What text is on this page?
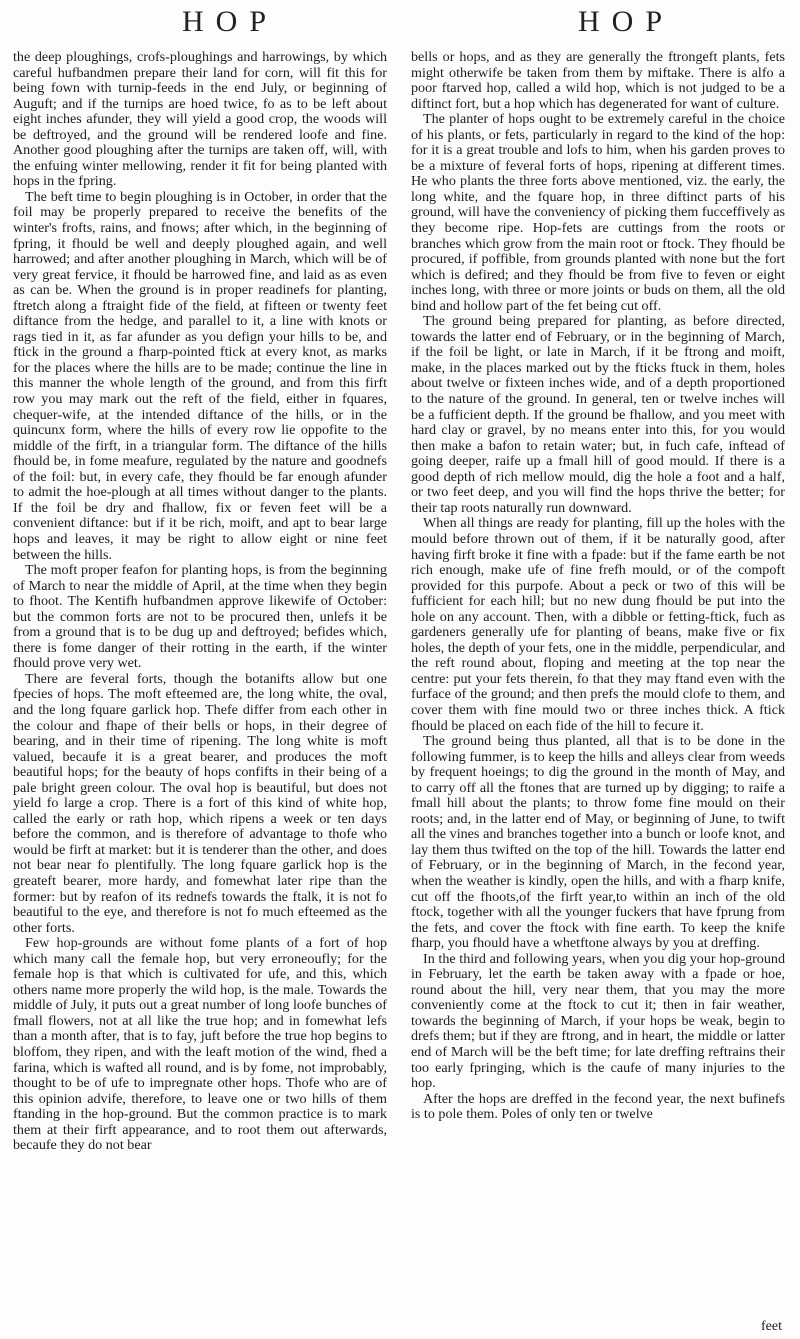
HOP	HOP

the deep ploughings, crofs-ploughings and harrowings, by which careful hufbandmen prepare their land for corn, will fit this for being fown with turnip-feeds in the end July, or beginning of Auguft; and if the turnips are hoed twice, fo as to be left about eight inches afunder, they will yield a good crop, the woods will be deftroyed, and the ground will be rendered loofe and fine. Another good ploughing after the turnips are taken off, will, with the enfuing winter mellowing, render it fit for being planted with hops in the fpring.

The beft time to begin ploughing is in October, in order that the foil may be properly prepared to receive the benefits of the winter's frofts, rains, and fnows; after which, in the beginning of fpring, it fhould be well and deeply ploughed again, and well harrowed; and after another ploughing in March, which will be of very great fervice, it fhould be harrowed fine, and laid as as even as can be. When the ground is in proper readinefs for planting, ftretch along a ftraight fide of the field, at fifteen or twenty feet diftance from the hedge, and parallel to it, a line with knots or rags tied in it, as far afunder as you defign your hills to be, and ftick in the ground a fharp-pointed ftick at every knot, as marks for the places where the hills are to be made; continue the line in this manner the whole length of the ground, and from this firft row you may mark out the reft of the field, either in fquares, chequer-wife, at the intended diftance of the hills, or in the quincunx form, where the hills of every row lie oppofite to the middle of the firft, in a triangular form. The diftance of the hills fhould be, in fome meafure, regulated by the nature and goodnefs of the foil: but, in every cafe, they fhould be far enough afunder to admit the hoe-plough at all times without danger to the plants. If the foil be dry and fhallow, fix or feven feet will be a convenient diftance: but if it be rich, moift, and apt to bear large hops and leaves, it may be right to allow eight or nine feet between the hills.

The moft proper feafon for planting hops, is from the beginning of March to near the middle of April, at the time when they begin to fhoot. The Kentifh hufbandmen approve likewife of October: but the common forts are not to be procured then, unlefs it be from a ground that is to be dug up and deftroyed; befides which, there is fome danger of their rotting in the earth, if the winter fhould prove very wet.

There are feveral forts, though the botanifts allow but one fpecies of hops. The moft efteemed are, the long white, the oval, and the long fquare garlick hop. Thefe differ from each other in the colour and fhape of their bells or hops, in their degree of bearing, and in their time of ripening. The long white is moft valued, becaufe it is a great bearer, and produces the moft beautiful hops; for the beauty of hops confifts in their being of a pale bright green colour. The oval hop is beautiful, but does not yield fo large a crop. There is a fort of this kind of white hop, called the early or rath hop, which ripens a week or ten days before the common, and is therefore of advantage to thofe who would be firft at market: but it is tenderer than the other, and does not bear near fo plentifully. The long fquare garlick hop is the greateft bearer, more hardy, and fomewhat later ripe than the former: but by reafon of its rednefs towards the ftalk, it is not fo beautiful to the eye, and therefore is not fo much efteemed as the other forts.

Few hop-grounds are without fome plants of a fort of hop which many call the female hop, but very erroneoufly; for the female hop is that which is cultivated for ufe, and this, which others name more properly the wild hop, is the male. Towards the middle of July, it puts out a great number of long loofe bunches of fmall flowers, not at all like the true hop; and in fomewhat lefs than a month after, that is to fay, juft before the true hop begins to bloffom, they ripen, and with the leaft motion of the wind, fhed a farina, which is wafted all round, and is by fome, not improbably, thought to be of ufe to impregnate other hops. Thofe who are of this opinion advife, therefore, to leave one or two hills of them ftanding in the hop-ground. But the common practice is to mark them at their firft appearance, and to root them out afterwards, becaufe they do not bear

bells or hops, and as they are generally the ftrongeft plants, fets might otherwife be taken from them by miftake. There is alfo a poor ftarved hop, called a wild hop, which is not judged to be a diftinct fort, but a hop which has degenerated for want of culture.

The planter of hops ought to be extremely careful in the choice of his plants, or fets, particularly in regard to the kind of the hop: for it is a great trouble and lofs to him, when his garden proves to be a mixture of feveral forts of hops, ripening at different times. He who plants the three forts above mentioned, viz. the early, the long white, and the fquare hop, in three diftinct parts of his ground, will have the conveniency of picking them fucceffively as they become ripe. Hop-fets are cuttings from the roots or branches which grow from the main root or ftock. They fhould be procured, if poffible, from grounds planted with none but the fort which is defired; and they fhould be from five to feven or eight inches long, with three or more joints or buds on them, all the old bind and hollow part of the fet being cut off.

The ground being prepared for planting, as before directed, towards the latter end of February, or in the beginning of March, if the foil be light, or late in March, if it be ftrong and moift, make, in the places marked out by the fticks ftuck in them, holes about twelve or fixteen inches wide, and of a depth proportioned to the nature of the ground. In general, ten or twelve inches will be a fufficient depth. If the ground be fhallow, and you meet with hard clay or gravel, by no means enter into this, for you would then make a bafon to retain water; but, in fuch cafe, inftead of going deeper, raife up a fmall hill of good mould. If there is a good depth of rich mellow mould, dig the hole a foot and a half, or two feet deep, and you will find the hops thrive the better; for their tap roots naturally run downward.

When all things are ready for planting, fill up the holes with the mould before thrown out of them, if it be naturally good, after having firft broke it fine with a fpade: but if the fame earth be not rich enough, make ufe of fine frefh mould, or of the compoft provided for this purpofe. About a peck or two of this will be fufficient for each hill; but no new dung fhould be put into the hole on any account. Then, with a dibble or fetting-ftick, fuch as gardeners generally ufe for planting of beans, make five or fix holes, the depth of your fets, one in the middle, perpendicular, and the reft round about, floping and meeting at the top near the centre: put your fets therein, fo that they may ftand even with the furface of the ground; and then prefs the mould clofe to them, and cover them with fine mould two or three inches thick. A ftick fhould be placed on each fide of the hill to fecure it.

The ground being thus planted, all that is to be done in the following fummer, is to keep the hills and alleys clear from weeds by frequent hoeings; to dig the ground in the month of May, and to carry off all the ftones that are turned up by digging; to raife a fmall hill about the plants; to throw fome fine mould on their roots; and, in the latter end of May, or beginning of June, to twift all the vines and branches together into a bunch or loofe knot, and lay them thus twifted on the top of the hill. Towards the latter end of February, or in the beginning of March, in the fecond year, when the weather is kindly, open the hills, and with a fharp knife, cut off the fhoots,of the firft year,to within an inch of the old ftock, together with all the younger fuckers that have fprung from the fets, and cover the ftock with fine earth. To keep the knife fharp, you fhould have a whetftone always by you at dreffing.

In the third and following years, when you dig your hop-ground in February, let the earth be taken away with a fpade or hoe, round about the hill, very near them, that you may the more conveniently come at the ftock to cut it; then in fair weather, towards the beginning of March, if your hops be weak, begin to drefs them; but if they are ftrong, and in heart, the middle or latter end of March will be the beft time; for late dreffing reftrains their too early fpringing, which is the caufe of many injuries to the hop.

After the hops are dreffed in the fecond year, the next bufinefs is to pole them. Poles of only ten or twelve

feet
